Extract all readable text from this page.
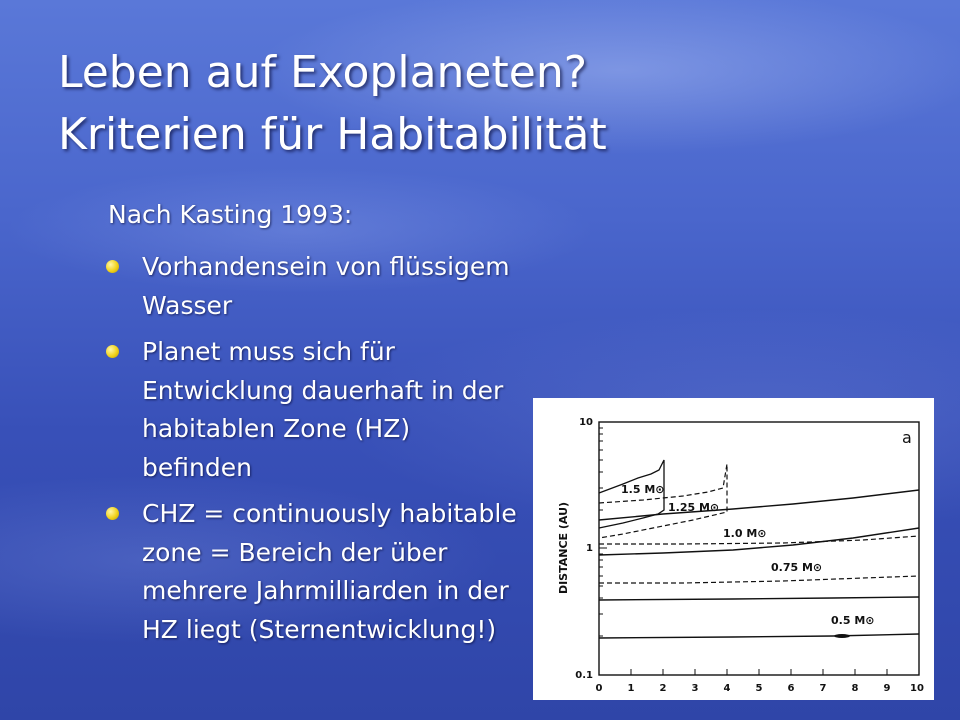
Leben auf Exoplaneten?
Kriterien für Habitabilität
Nach Kasting 1993:
Vorhandensein von flüssigem Wasser
Planet muss sich für Entwicklung dauerhaft in der habitablen Zone (HZ) befinden
CHZ = continuously habitable zone = Bereich der über mehrere Jahrmilliarden in der HZ liegt (Sternentwicklung!)
10
1
0.1
0	1	2	3	4	5	6	7	8	9 10
DISTANCE (AU)
a
1.5 M⊙
1.25 M⊙
1.0 M⊙
0.75 M⊙
0.5 M⊙
